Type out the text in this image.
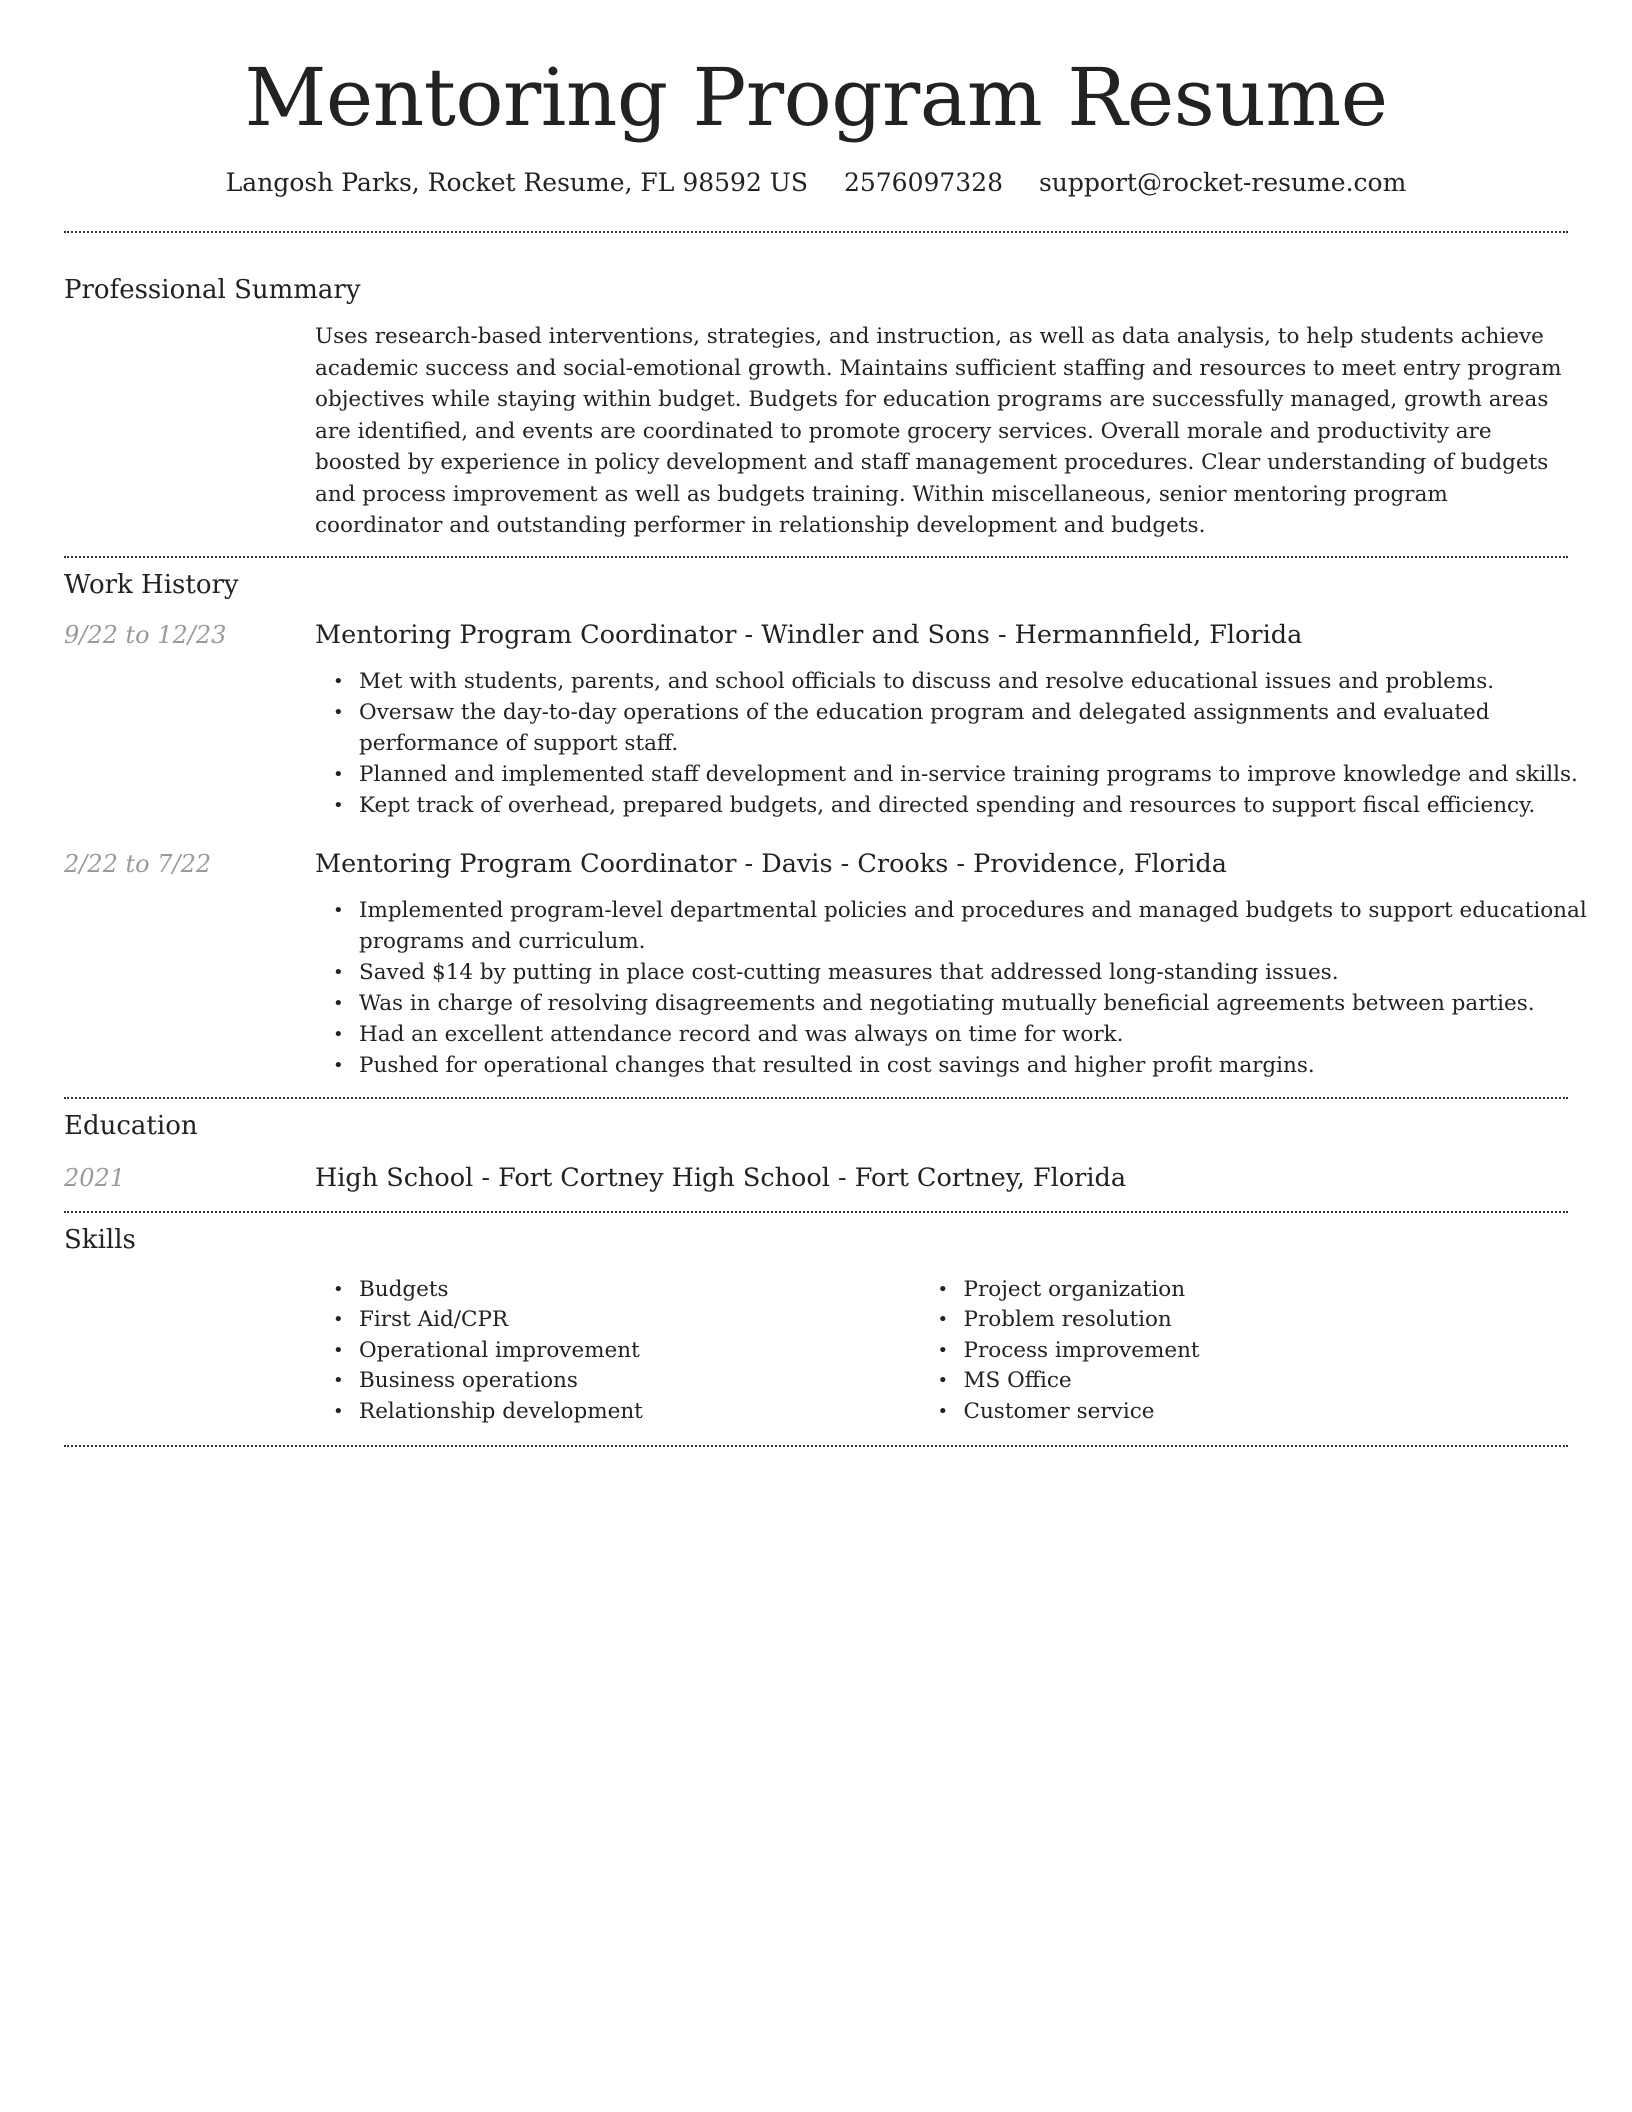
Mentoring Program Resume
Langosh Parks, Rocket Resume, FL 98592 US 2576097328 support@rocket-resume.com
Professional Summary
Uses research-based interventions, strategies, and instruction, as well as data analysis, to help students achieve academic success and social-emotional growth. Maintains sufficient staffing and resources to meet entry program objectives while staying within budget. Budgets for education programs are successfully managed, growth areas are identified, and events are coordinated to promote grocery services. Overall morale and productivity are boosted by experience in policy development and staff management procedures. Clear understanding of budgets and process improvement as well as budgets training. Within miscellaneous, senior mentoring program coordinator and outstanding performer in relationship development and budgets.
Work History
9/22 to 12/23	Mentoring Program Coordinator - Windler and Sons - Hermannfield, Florida
• Met with students, parents, and school officials to discuss and resolve educational issues and problems.
• Oversaw the day-to-day operations of the education program and delegated assignments and evaluated performance of support staff.
• Planned and implemented staff development and in-service training programs to improve knowledge and skills.
• Kept track of overhead, prepared budgets, and directed spending and resources to support fiscal efficiency.
2/22 to 7/22	Mentoring Program Coordinator - Davis - Crooks - Providence, Florida
• Implemented program-level departmental policies and procedures and managed budgets to support educational programs and curriculum.
• Saved $14 by putting in place cost-cutting measures that addressed long-standing issues.
• Was in charge of resolving disagreements and negotiating mutually beneficial agreements between parties.
• Had an excellent attendance record and was always on time for work.
• Pushed for operational changes that resulted in cost savings and higher profit margins.
Education
2021	High School - Fort Cortney High School - Fort Cortney, Florida
Skills
• Budgets
• First Aid/CPR
• Operational improvement
• Business operations
• Relationship development
• Project organization
• Problem resolution
• Process improvement
• MS Office
• Customer service
